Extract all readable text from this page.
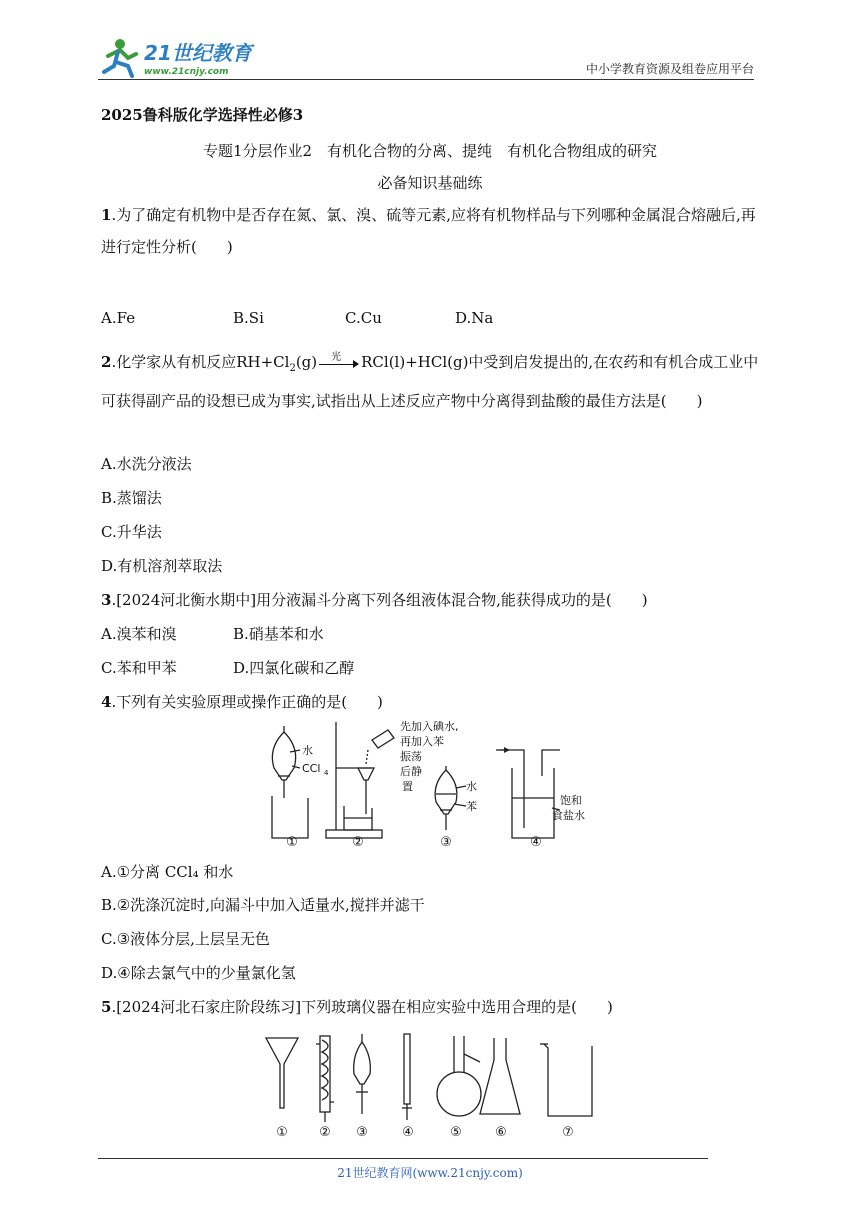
21世纪教育
www.21cnjy.com	中小学教育资源及组卷应用平台
2025鲁科版化学选择性必修3
专题1分层作业2　有机化合物的分离、提纯　有机化合物组成的研究
必备知识基础练
1.为了确定有机物中是否存在氮、氯、溴、硫等元素,应将有机物样品与下列哪种金属混合熔融后,再进行定性分析(　　)
A.Fe	B.Si	C.Cu	D.Na
2.化学家从有机反应$RH+Cl_2(g)$ 光 RCl(l)+HCl(g)中受到启发提出的,在农药和有机合成工业中可获得副产品的设想已成为事实,试指出从上述反应产物中分离得到盐酸的最佳方法是(　　)
A.水洗分液法
B.蒸馏法
C.升华法
D.有机溶剂萃取法
3.[2024河北衡水期中]用分液漏斗分离下列各组液体混合物,能获得成功的是(　　)
A.溴苯和溴	B.硝基苯和水
C.苯和甲苯	D.四氯化碳和乙醇
4.下列有关实验原理或操作正确的是(　　)
水
CCl 4
先加入碘水,
再加入苯
振荡
后静
置	水
苯	饱和
食盐水
①	②	③	④
A.①分离 CCl₄ 和水
B.②洗涤沉淀时,向漏斗中加入适量水,搅拌并滤干
C.③液体分层,上层呈无色
D.④除去氯气中的少量氯化氢
5.[2024河北石家庄阶段练习]下列玻璃仪器在相应实验中选用合理的是(　　)
① ② ③	④	⑤	⑥	⑦
21世纪教育网(www.21cnjy.com)
